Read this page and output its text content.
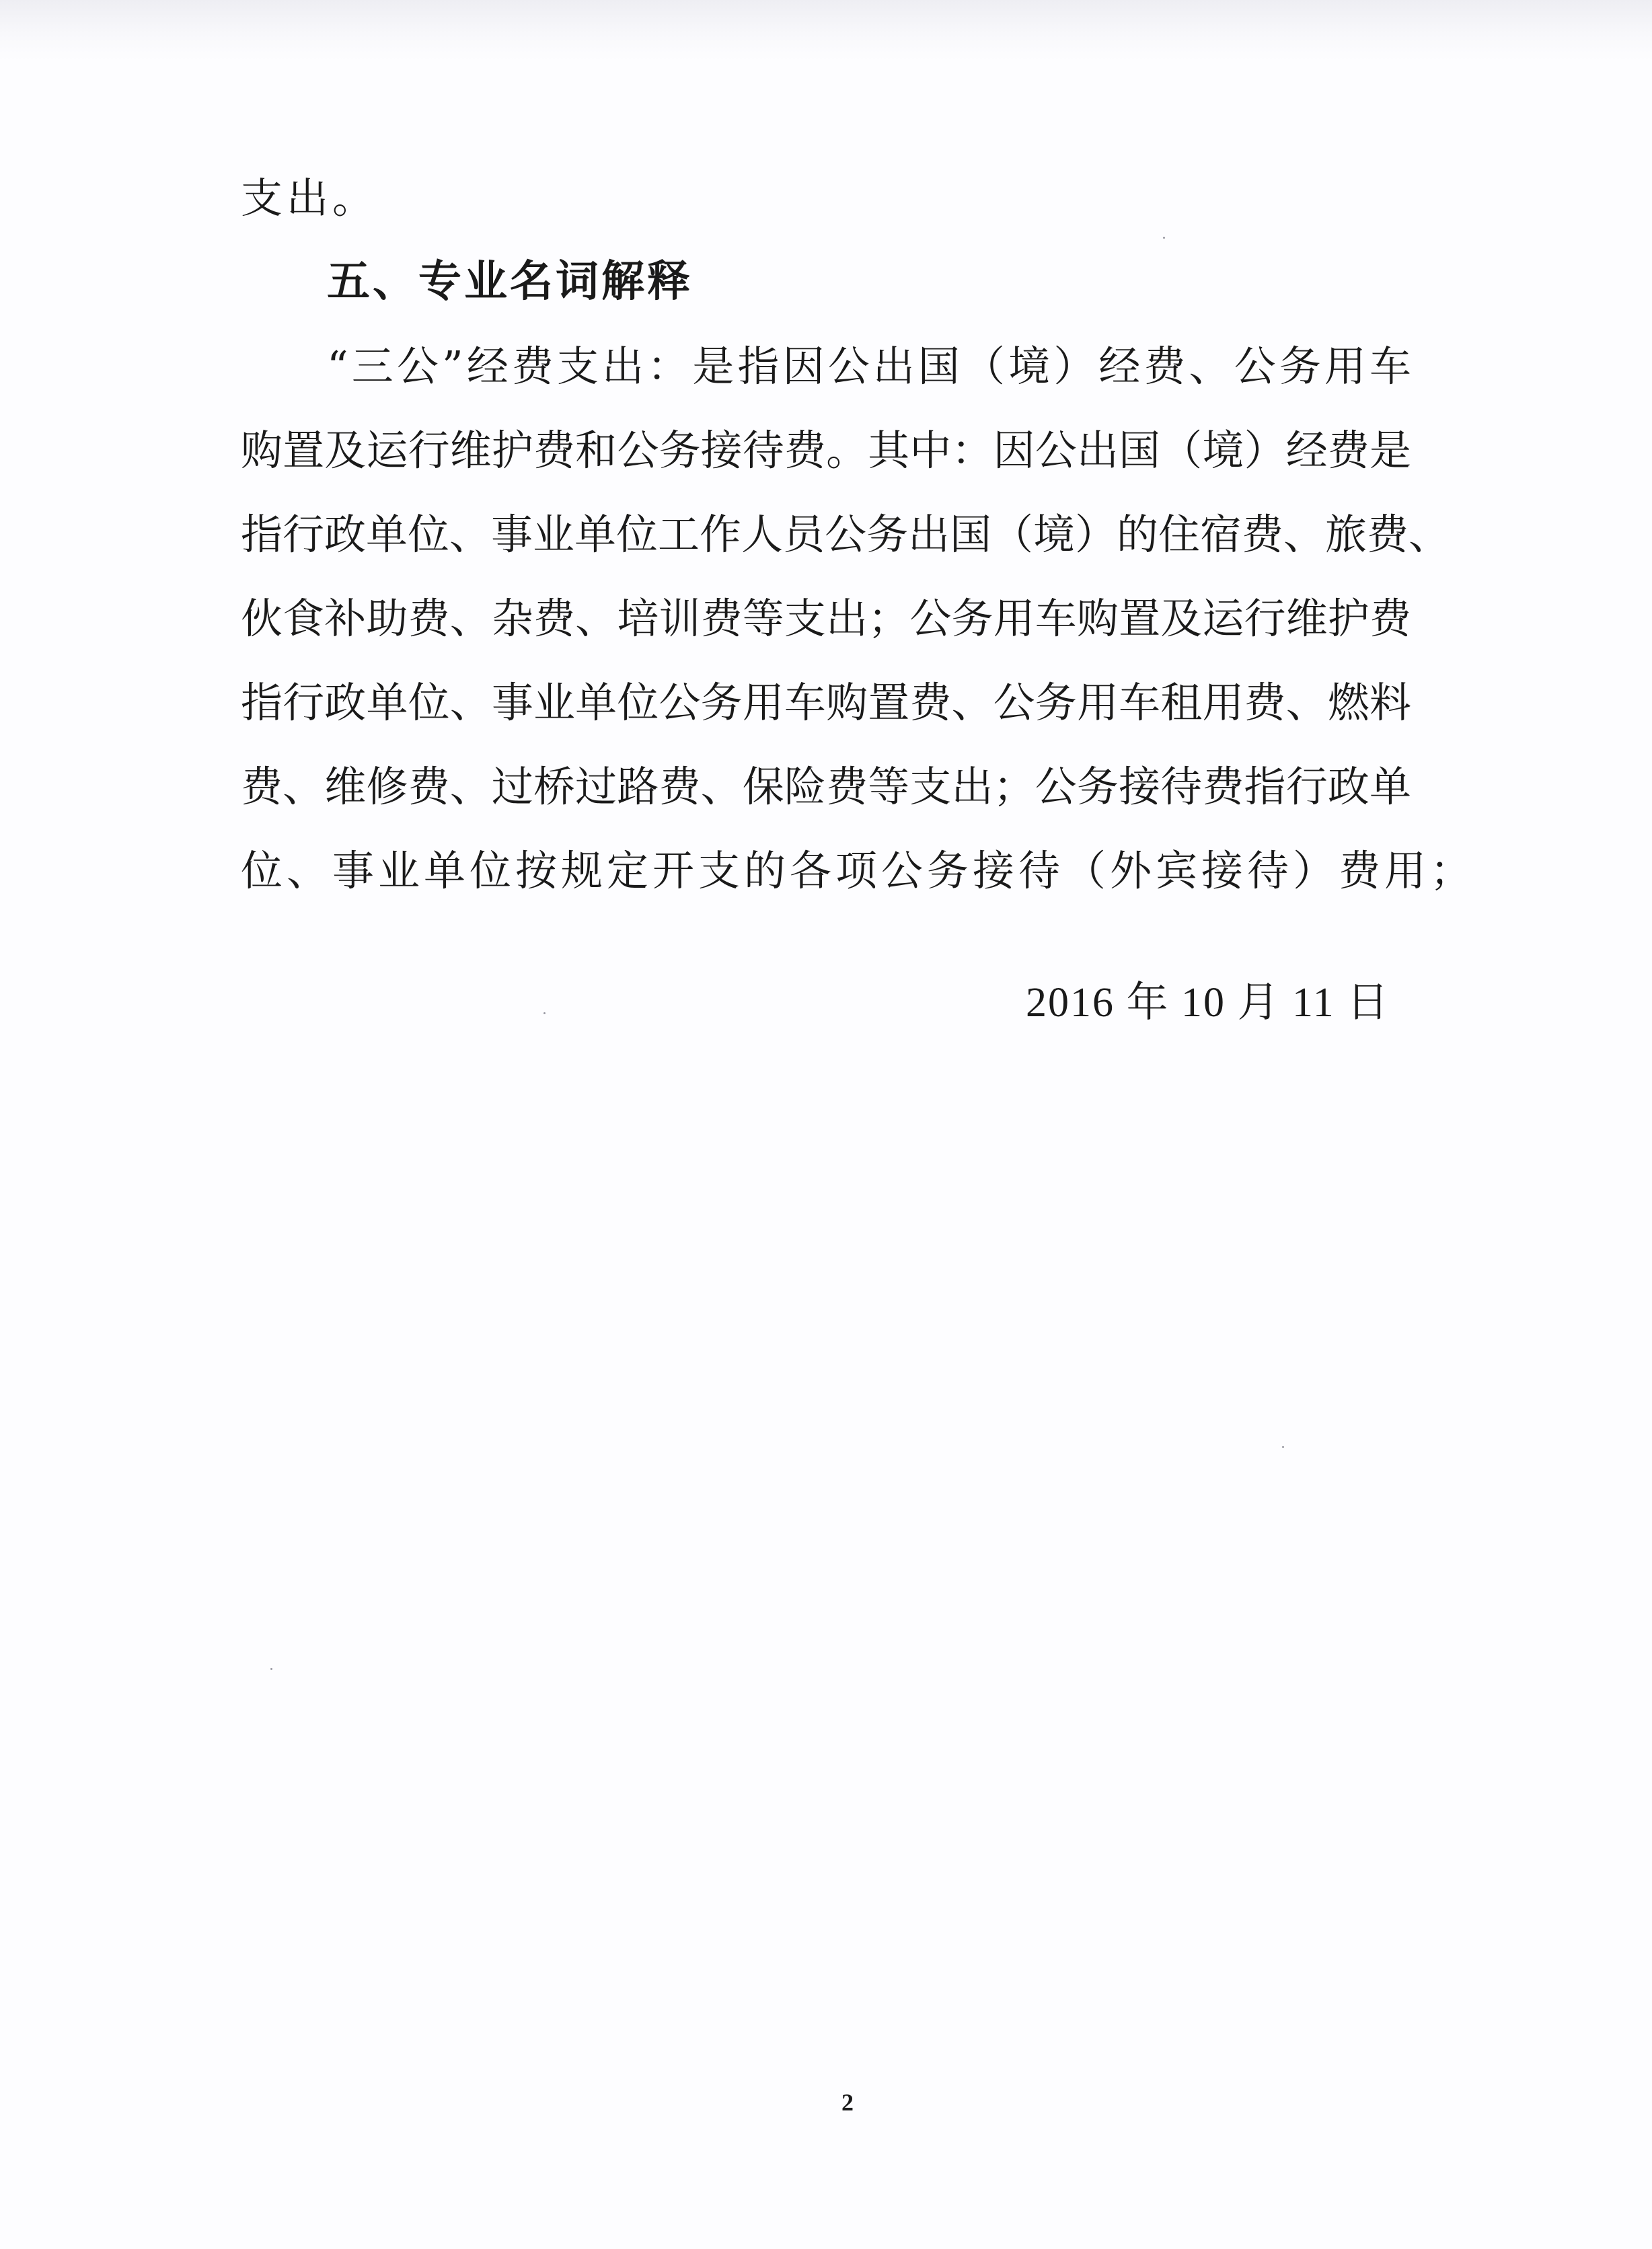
支出。
五、专业名词解释
“三公”经费支出：是指因公出国（境）经费、公务用车
购置及运行维护费和公务接待费。其中：因公出国（境）经费是
指行政单位、事业单位工作人员公务出国（境）的住宿费、旅费、
伙食补助费、杂费、培训费等支出；公务用车购置及运行维护费
指行政单位、事业单位公务用车购置费、公务用车租用费、燃料
费、维修费、过桥过路费、保险费等支出；公务接待费指行政单
位、事业单位按规定开支的各项公务接待（外宾接待）费用；
2016 年 10 月 11 日
2
